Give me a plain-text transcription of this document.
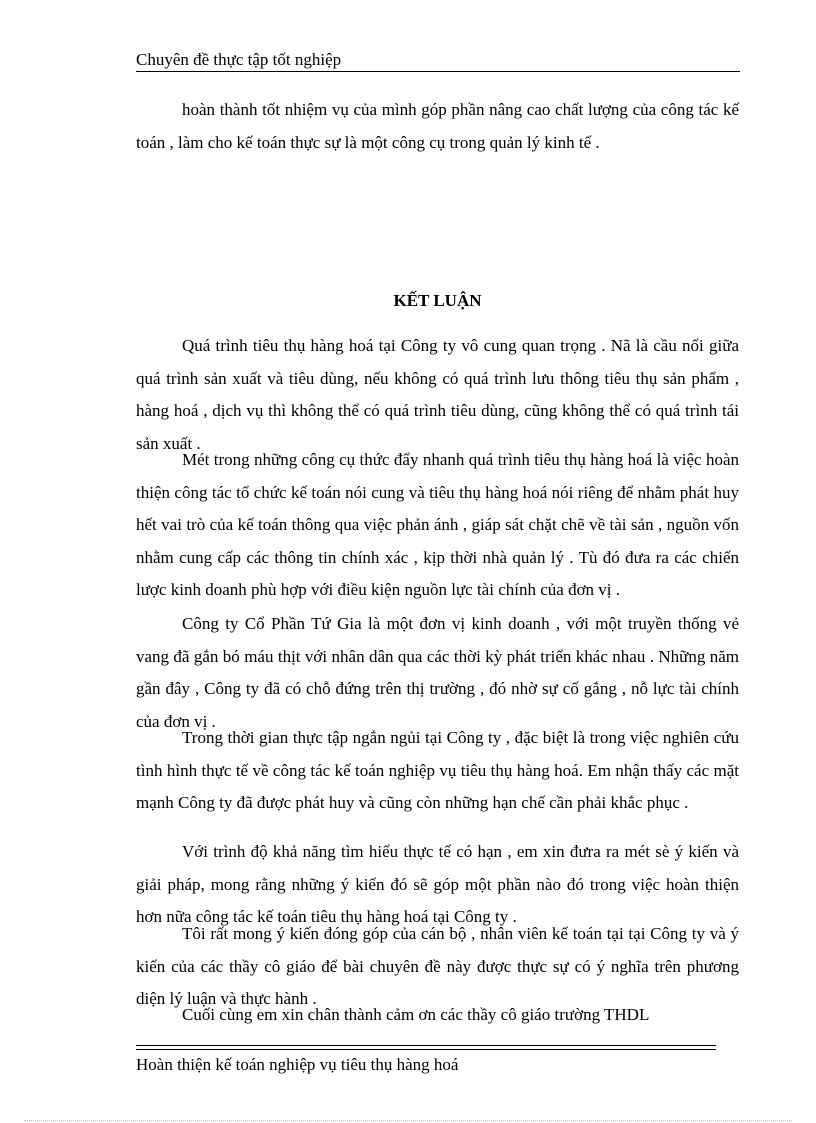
Chuyên đề thực tập tốt nghiệp

hoàn thành tốt nhiệm vụ của mình góp phần nâng cao chất lượng của công tác kế toán , làm cho kế toán thực sự là một công cụ trong quản lý kinh tế .

KẾT LUẬN

Quá trình tiêu thụ hàng hoá tại Công ty vô cung quan trọng . Nã là cầu nối giữa quá trình sản xuất và tiêu dùng, nếu không có quá trình lưu thông tiêu thụ sản phẩm , hàng hoá , dịch vụ thì không thể có quá trình tiêu dùng, cũng không thể có quá trình tái sản xuất .

Mét trong những công cụ thức đẩy nhanh quá trình tiêu thụ hàng hoá là việc hoàn thiện công tác tổ chức kế toán nói cung và tiêu thụ hàng hoá nói riêng để nhằm phát huy hết vai trò của kế toán thông qua việc phản ánh , giáp sát chặt chẽ về tài sản , nguồn vốn nhằm cung cấp các thông tin chính xác , kịp thời nhà quản lý . Tù đó đưa ra các chiến lược kinh doanh phù hợp với điều kiện nguồn lực tài chính của đơn vị .

Công ty Cổ Phần Tứ Gia là một đơn vị kinh doanh , với một truyền thống vẻ vang đã gắn bó máu thịt với nhân dân qua các thời kỳ phát triển khác nhau . Những năm gần đây , Công ty đã có chỗ đứng trên thị trường , đó nhờ sự cố gắng , nỗ lực tài chính của đơn vị .

Trong thời gian thực tập ngắn ngủi tại Công ty , đặc biệt là trong việc nghiên cứu tình hình thực tế về công tác kế toán nghiệp vụ tiêu thụ hàng hoá. Em nhận thấy các mặt mạnh Công ty đã được phát huy và cũng còn những hạn chế cần phải khắc phục .

Với trình độ khả năng tìm hiểu thực tế có hạn , em xin đưra ra mét sè ý kiến và giải pháp, mong rằng những ý kiến đó sẽ góp một phần nào đó trong việc hoàn thiện hơn nữa công tác kế toán tiêu thụ hàng hoá tại Công ty .

Tôi rất mong ý kiến đóng góp của cán bộ , nhân viên kế toán tại tại Công ty và ý kiến của các thầy cô giáo để bài chuyên đề này được thực sự có ý nghĩa trên phương diện lý luận và thực hành .

Cuối cùng em xin chân thành cảm ơn các thầy cô giáo trường THDL

Hoàn thiện kế toán nghiệp vụ tiêu thụ hàng hoá
